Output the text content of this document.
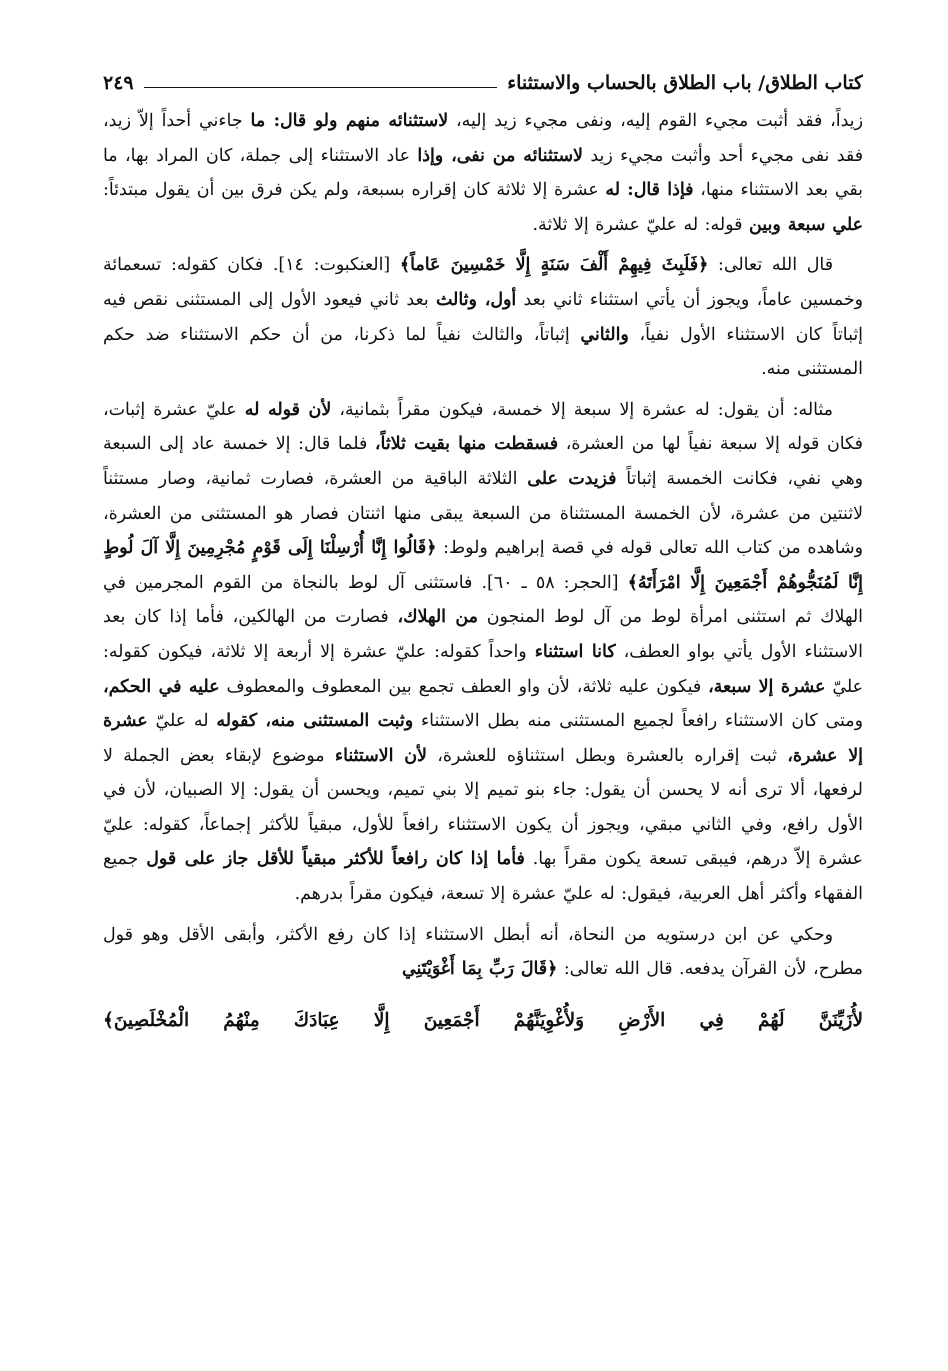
كتاب الطلاق/ باب الطلاق بالحساب والاستثناء
٢٤٩

زيداً، فقد أثبت مجيء القوم إليه، ونفى مجيء زيد إليه، لاستثنائه منهم ولو قال: ما جاءني أحداً إلاّ زيد، فقد نفى مجيء أحد وأثبت مجيء زيد لاستثنائه من نفى، وإذا عاد الاستثناء إلى جملة، كان المراد بها، ما بقي بعد الاستثناء منها، فإذا قال: له عشرة إلا ثلاثة كان إقراره بسبعة، ولم يكن فرق بين أن يقول مبتدئاً: علي سبعة وبين قوله: له عليّ عشرة إلا ثلاثة.

قال الله تعالى: ﴿فَلَبِثَ فِيهِمْ أَلْفَ سَنَةٍ إِلَّا خَمْسِينَ عَاماً﴾ [العنكبوت: ١٤]. فكان كقوله: تسعمائة وخمسين عاماً، ويجوز أن يأتي استثناء ثاني بعد أول، وثالث بعد ثاني فيعود الأول إلى المستثنى نقص فيه إثباتاً كان الاستثناء الأول نفياً، والثاني إثباتاً، والثالث نفياً لما ذكرنا، من أن حكم الاستثناء ضد حكم المستثنى منه.

مثاله: أن يقول: له عشرة إلا سبعة إلا خمسة، فيكون مقراً بثمانية، لأن قوله له عليّ عشرة إثبات، فكان قوله إلا سبعة نفياً لها من العشرة، فسقطت منها بقيت ثلاثاً، فلما قال: إلا خمسة عاد إلى السبعة وهي نفي، فكانت الخمسة إثباتاً فزيدت على الثلاثة الباقية من العشرة، فصارت ثمانية، وصار مستثناً لاثنتين من عشرة، لأن الخمسة المستثناة من السبعة يبقى منها اثنتان فصار هو المستثنى من العشرة، وشاهده من كتاب الله تعالى قوله في قصة إبراهيم ولوط: ﴿قَالُوا إِنَّا أُرْسِلْنَا إِلَى قَوْمٍ مُجْرِمِينَ إِلَّا آلَ لُوطٍ إِنَّا لَمُنَجُّوهُمْ أَجْمَعِينَ إِلَّا امْرَأَتَهُ﴾ [الحجر: ٥٨ ـ ٦٠]. فاستثنى آل لوط بالنجاة من القوم المجرمين في الهلاك ثم استثنى امرأة لوط من آل لوط المنجون من الهلاك، فصارت من الهالكين، فأما إذا كان بعد الاستثناء الأول يأتي بواو العطف، كانا استثناء واحداً كقوله: عليّ عشرة إلا أربعة إلا ثلاثة، فيكون كقوله: عليّ عشرة إلا سبعة، فيكون عليه ثلاثة، لأن واو العطف تجمع بين المعطوف والمعطوف عليه في الحكم، ومتى كان الاستثناء رافعاً لجميع المستثنى منه بطل الاستثناء وثبت المستثنى منه، كقوله له عليّ عشرة إلا عشرة، ثبت إقراره بالعشرة وبطل استثناؤه للعشرة، لأن الاستثناء موضوع لإبقاء بعض الجملة لا لرفعها، ألا ترى أنه لا يحسن أن يقول: جاء بنو تميم إلا بني تميم، ويحسن أن يقول: إلا الصبيان، لأن في الأول رافع، وفي الثاني مبقي، ويجوز أن يكون الاستثناء رافعاً للأول، مبقياً للأكثر إجماعاً، كقوله: عليّ عشرة إلاّ درهم، فيبقى تسعة يكون مقراً بها. فأما إذا كان رافعاً للأكثر مبقياً للأقل جاز على قول جميع الفقهاء وأكثر أهل العربية، فيقول: له عليّ عشرة إلا تسعة، فيكون مقراً بدرهم.

وحكي عن ابن درستويه من النحاة، أنه أبطل الاستثناء إذا كان رفع الأكثر، وأبقى الأقل وهو قول مطرح، لأن القرآن يدفعه. قال الله تعالى: ﴿قَالَ رَبِّ بِمَا أَغْوَيْتَنِي

لأُزَيِّنَنَّ لَهُمْ فِي الأَرْضِ وَلأُغْوِيَنَّهُمْ أَجْمَعِينَ إِلَّا عِبَادَكَ مِنْهُمُ الْمُخْلَصِينَ﴾
